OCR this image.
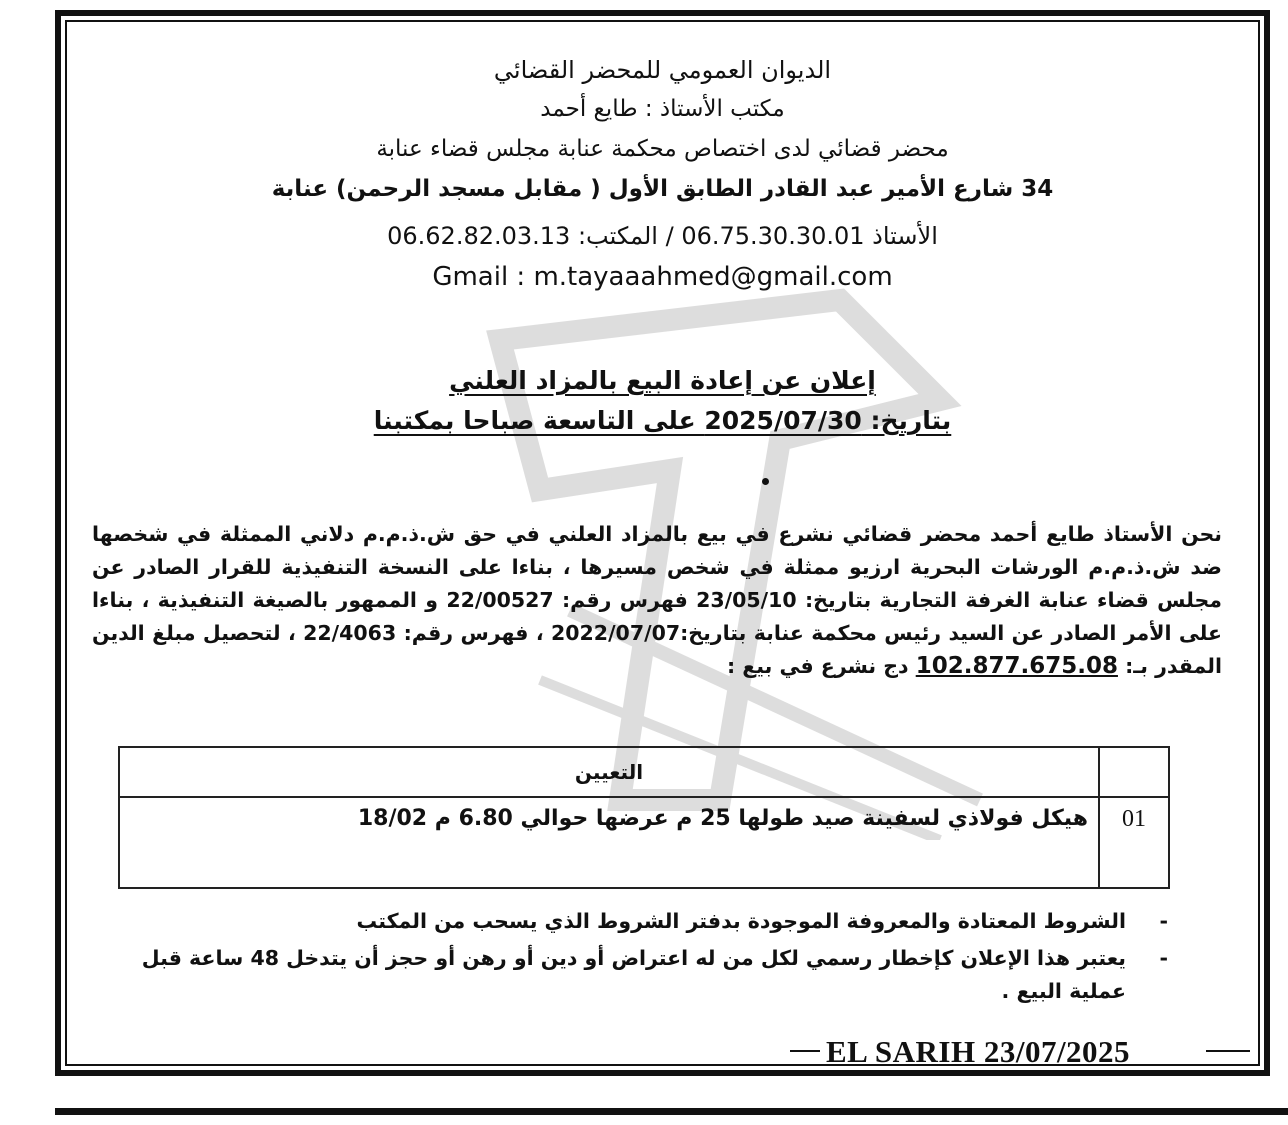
الديوان العمومي للمحضر القضائي
مكتب الأستاذ : طايع أحمد
محضر قضائي لدى اختصاص محكمة عنابة مجلس قضاء عنابة
34 شارع الأمير عبد القادر الطابق الأول ( مقابل مسجد الرحمن) عنابة
الأستاذ 06.75.30.30.01 / المكتب: 06.62.82.03.13
Gmail : m.tayaaahmed@gmail.com
إعلان عن إعادة البيع بالمزاد العلني
بتاريخ: 2025/07/30 على التاسعة صباحا بمكتبنا
نحن الأستاذ طايع أحمد محضر قضائي نشرع في بيع بالمزاد العلني في حق ش.ذ.م.م دلاني الممثلة في شخصها ضد ش.ذ.م.م الورشات البحرية ارزيو ممثلة في شخص مسيرها ، بناءا على النسخة التنفيذية للقرار الصادر عن مجلس قضاء عنابة الغرفة التجارية بتاريخ: 23/05/10 فهرس رقم: 22/00527 و الممهور بالصيغة التنفيذية ، بناءا على الأمر الصادر عن السيد رئيس محكمة عنابة بتاريخ:2022/07/07 ، فهرس رقم: 22/4063 ، لتحصيل مبلغ الدين المقدر بـ: 102.877.675.08 دج نشرع في بيع :
	التعيين
01	هيكل فولاذي لسفينة صيد طولها 25 م عرضها حوالي 6.80 م 18/02
-
الشروط المعتادة والمعروفة الموجودة بدفتر الشروط الذي يسحب من المكتب
-
يعتبر هذا الإعلان كإخطار رسمي لكل من له اعتراض أو دين أو رهن أو حجز أن يتدخل 48 ساعة قبل عملية البيع .
EL SARIH 23/07/2025
